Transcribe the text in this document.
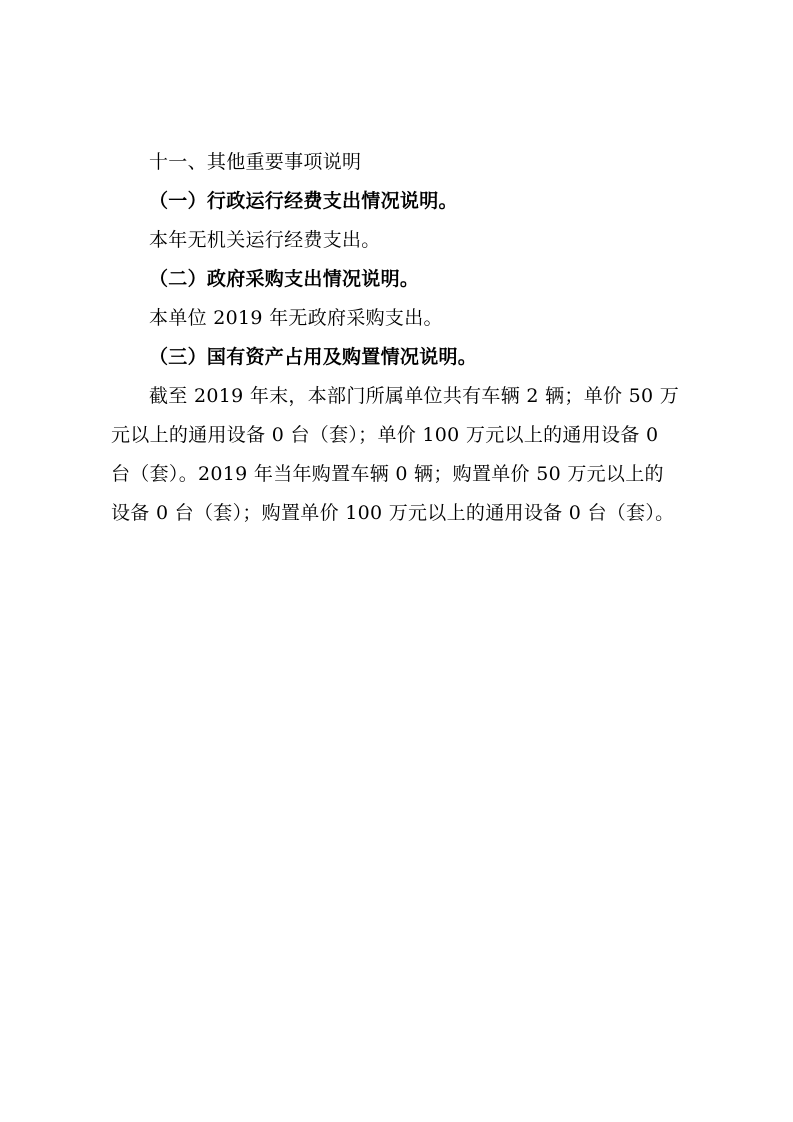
十一、其他重要事项说明
（一）行政运行经费支出情况说明。
本年无机关运行经费支出。
（二）政府采购支出情况说明。
本单位 2019 年无政府采购支出。
（三）国有资产占用及购置情况说明。
截至 2019 年末，本部门所属单位共有车辆 2 辆；单价 50 万
元以上的通用设备 0 台（套）；单价 100 万元以上的通用设备 0
台（套）。2019 年当年购置车辆 0 辆；购置单价 50 万元以上的
设备 0 台（套）；购置单价 100 万元以上的通用设备 0 台（套）。
